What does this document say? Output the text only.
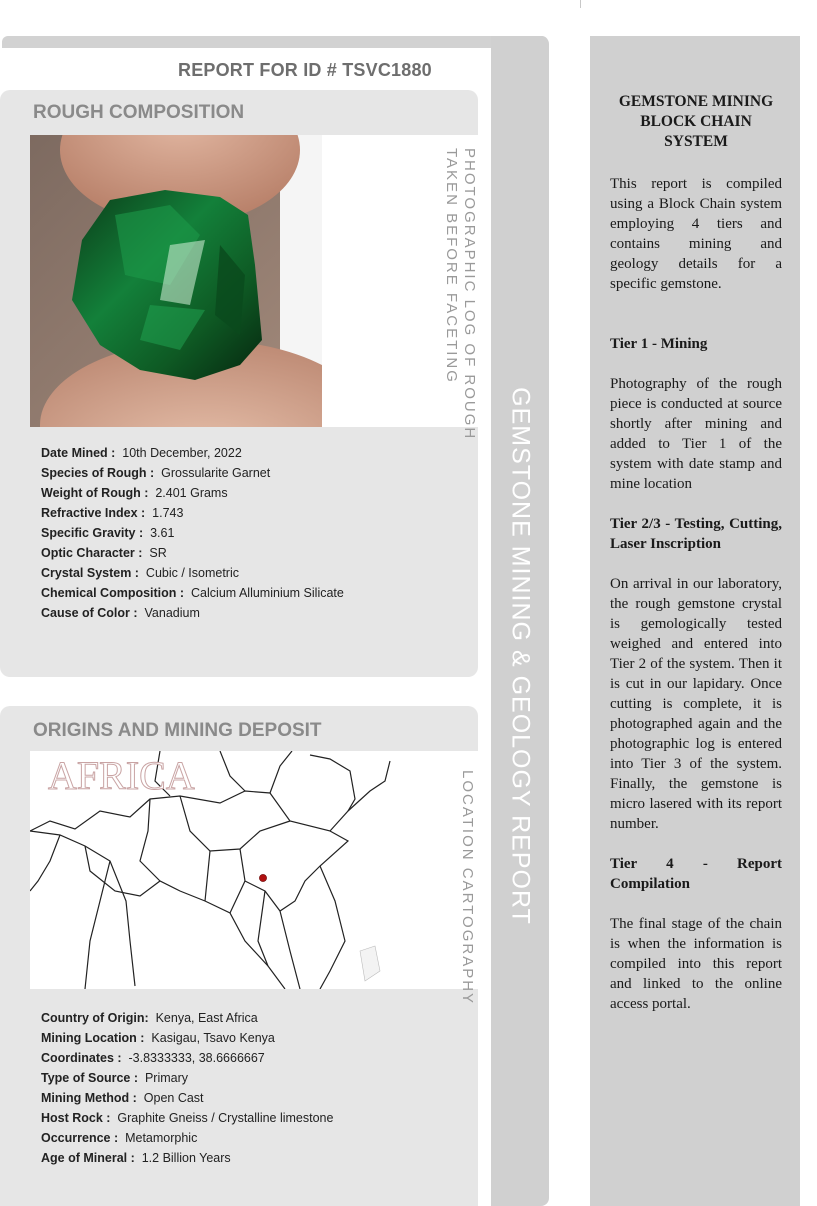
REPORT FOR ID # TSVC1880
ROUGH COMPOSITION
PHOTOGRAPHIC LOG OF ROUGH
TAKEN BEFORE FACETING
Date Mined : 10th December, 2022
Species of Rough : Grossularite Garnet
Weight of Rough : 2.401 Grams
Refractive Index : 1.743
Specific Gravity : 3.61
Optic Character : SR
Crystal System : Cubic / Isometric
Chemical Composition : Calcium Alluminium Silicate
Cause of Color : Vanadium
ORIGINS AND MINING DEPOSIT
AFRICA	LOCATION CARTOGRAPHY
Country of Origin: Kenya, East Africa
Mining Location : Kasigau, Tsavo Kenya
Coordinates : -3.8333333, 38.6666667
Type of Source : Primary
Mining Method : Open Cast
Host Rock : Graphite Gneiss / Crystalline limestone
Occurrence : Metamorphic
Age of Mineral : 1.2 Billion Years
GEMSTONE MINING & GEOLOGY REPORT
GEMSTONE MINING BLOCK CHAIN SYSTEM

This report is compiled using a Block Chain system employing 4 tiers and contains mining and geology details for a specific gemstone.

Tier 1 - Mining

Photography of the rough piece is conducted at source shortly after mining and added to Tier 1 of the system with date stamp and mine location

Tier 2/3 - Testing, Cutting, Laser Inscription

On arrival in our laboratory, the rough gemstone crystal is gemologically tested weighed and entered into Tier 2 of the system. Then it is cut in our lapidary. Once cutting is complete, it is photographed again and the photographic log is entered into Tier 3 of the system. Finally, the gemstone is micro lasered with its report number.

Tier 4 - Report Compilation

The final stage of the chain is when the information is compiled into this report and linked to the online access portal.
